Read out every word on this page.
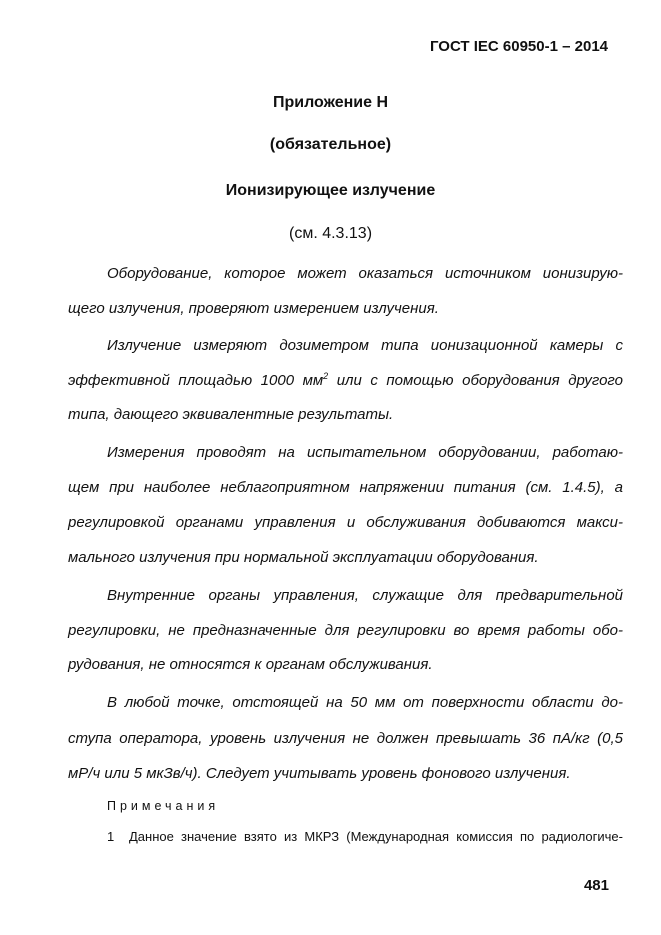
ГОСТ IEC 60950-1 – 2014
Приложение Н
(обязательное)
Ионизирующее излучение
(см. 4.3.13)
Оборудование, которое может оказаться источником ионизирую-
щего излучения, проверяют измерением излучения.
Излучение измеряют дозиметром типа ионизационной камеры с
эффективной площадью 1000 $мм^2$ или с помощью оборудования другого
типа, дающего эквивалентные результаты.
Измерения проводят на испытательном оборудовании, работаю-
щем при наиболее неблагоприятном напряжении питания (см. 1.4.5), а
регулировкой органами управления и обслуживания добиваются макси-
мального излучения при нормальной эксплуатации оборудования.
Внутренние органы управления, служащие для предварительной
регулировки, не предназначенные для регулировки во время работы обо-
рудования, не относятся к органам обслуживания.
В любой точке, отстоящей на 50 мм от поверхности области до-
ступа оператора, уровень излучения не должен превышать 36 пА/кг (0,5
мР/ч или 5 мкЗв/ч). Следует учитывать уровень фонового излучения.
Примечания
1	Данное значение взято из МКРЗ (Международная комиссия по радиологиче-
481
